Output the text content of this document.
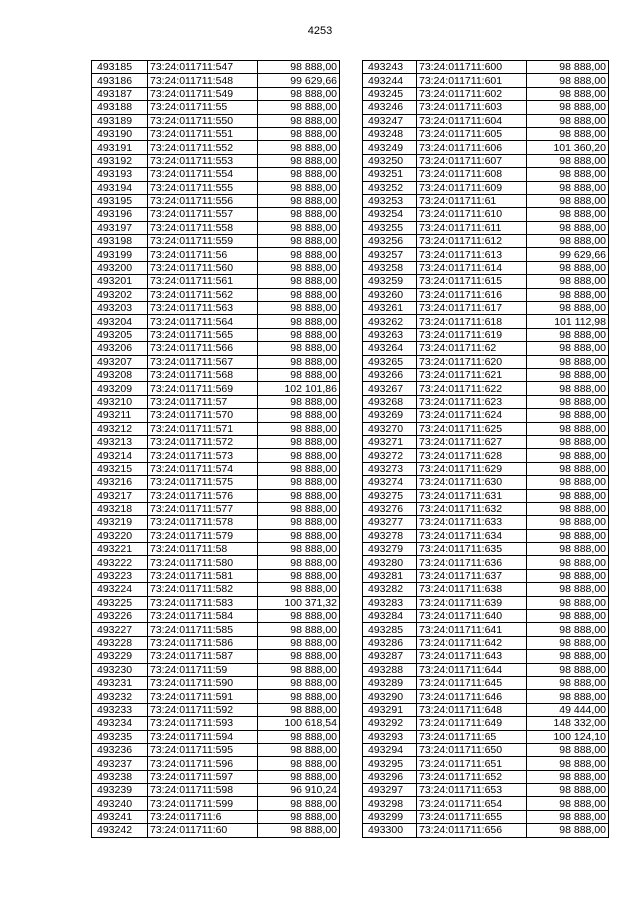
4253
493185	73:24:011711:547	98 888,00
493186	73:24:011711:548	99 629,66
493187	73:24:011711:549	98 888,00
493188	73:24:011711:55	98 888,00
493189	73:24:011711:550	98 888,00
493190	73:24:011711:551	98 888,00
493191	73:24:011711:552	98 888,00
493192	73:24:011711:553	98 888,00
493193	73:24:011711:554	98 888,00
493194	73:24:011711:555	98 888,00
493195	73:24:011711:556	98 888,00
493196	73:24:011711:557	98 888,00
493197	73:24:011711:558	98 888,00
493198	73:24:011711:559	98 888,00
493199	73:24:011711:56	98 888,00
493200	73:24:011711:560	98 888,00
493201	73:24:011711:561	98 888,00
493202	73:24:011711:562	98 888,00
493203	73:24:011711:563	98 888,00
493204	73:24:011711:564	98 888,00
493205	73:24:011711:565	98 888,00
493206	73:24:011711:566	98 888,00
493207	73:24:011711:567	98 888,00
493208	73:24:011711:568	98 888,00
493209	73:24:011711:569	102 101,86
493210	73:24:011711:57	98 888,00
493211	73:24:011711:570	98 888,00
493212	73:24:011711:571	98 888,00
493213	73:24:011711:572	98 888,00
493214	73:24:011711:573	98 888,00
493215	73:24:011711:574	98 888,00
493216	73:24:011711:575	98 888,00
493217	73:24:011711:576	98 888,00
493218	73:24:011711:577	98 888,00
493219	73:24:011711:578	98 888,00
493220	73:24:011711:579	98 888,00
493221	73:24:011711:58	98 888,00
493222	73:24:011711:580	98 888,00
493223	73:24:011711:581	98 888,00
493224	73:24:011711:582	98 888,00
493225	73:24:011711:583	100 371,32
493226	73:24:011711:584	98 888,00
493227	73:24:011711:585	98 888,00
493228	73:24:011711:586	98 888,00
493229	73:24:011711:587	98 888,00
493230	73:24:011711:59	98 888,00
493231	73:24:011711:590	98 888,00
493232	73:24:011711:591	98 888,00
493233	73:24:011711:592	98 888,00
493234	73:24:011711:593	100 618,54
493235	73:24:011711:594	98 888,00
493236	73:24:011711:595	98 888,00
493237	73:24:011711:596	98 888,00
493238	73:24:011711:597	98 888,00
493239	73:24:011711:598	96 910,24
493240	73:24:011711:599	98 888,00
493241	73:24:011711:6	98 888,00
493242	73:24:011711:60	98 888,00
493243	73:24:011711:600	98 888,00
493244	73:24:011711:601	98 888,00
493245	73:24:011711:602	98 888,00
493246	73:24:011711:603	98 888,00
493247	73:24:011711:604	98 888,00
493248	73:24:011711:605	98 888,00
493249	73:24:011711:606	101 360,20
493250	73:24:011711:607	98 888,00
493251	73:24:011711:608	98 888,00
493252	73:24:011711:609	98 888,00
493253	73:24:011711:61	98 888,00
493254	73:24:011711:610	98 888,00
493255	73:24:011711:611	98 888,00
493256	73:24:011711:612	98 888,00
493257	73:24:011711:613	99 629,66
493258	73:24:011711:614	98 888,00
493259	73:24:011711:615	98 888,00
493260	73:24:011711:616	98 888,00
493261	73:24:011711:617	98 888,00
493262	73:24:011711:618	101 112,98
493263	73:24:011711:619	98 888,00
493264	73:24:011711:62	98 888,00
493265	73:24:011711:620	98 888,00
493266	73:24:011711:621	98 888,00
493267	73:24:011711:622	98 888,00
493268	73:24:011711:623	98 888,00
493269	73:24:011711:624	98 888,00
493270	73:24:011711:625	98 888,00
493271	73:24:011711:627	98 888,00
493272	73:24:011711:628	98 888,00
493273	73:24:011711:629	98 888,00
493274	73:24:011711:630	98 888,00
493275	73:24:011711:631	98 888,00
493276	73:24:011711:632	98 888,00
493277	73:24:011711:633	98 888,00
493278	73:24:011711:634	98 888,00
493279	73:24:011711:635	98 888,00
493280	73:24:011711:636	98 888,00
493281	73:24:011711:637	98 888,00
493282	73:24:011711:638	98 888,00
493283	73:24:011711:639	98 888,00
493284	73:24:011711:640	98 888,00
493285	73:24:011711:641	98 888,00
493286	73:24:011711:642	98 888,00
493287	73:24:011711:643	98 888,00
493288	73:24:011711:644	98 888,00
493289	73:24:011711:645	98 888,00
493290	73:24:011711:646	98 888,00
493291	73:24:011711:648	49 444,00
493292	73:24:011711:649	148 332,00
493293	73:24:011711:65	100 124,10
493294	73:24:011711:650	98 888,00
493295	73:24:011711:651	98 888,00
493296	73:24:011711:652	98 888,00
493297	73:24:011711:653	98 888,00
493298	73:24:011711:654	98 888,00
493299	73:24:011711:655	98 888,00
493300	73:24:011711:656	98 888,00
